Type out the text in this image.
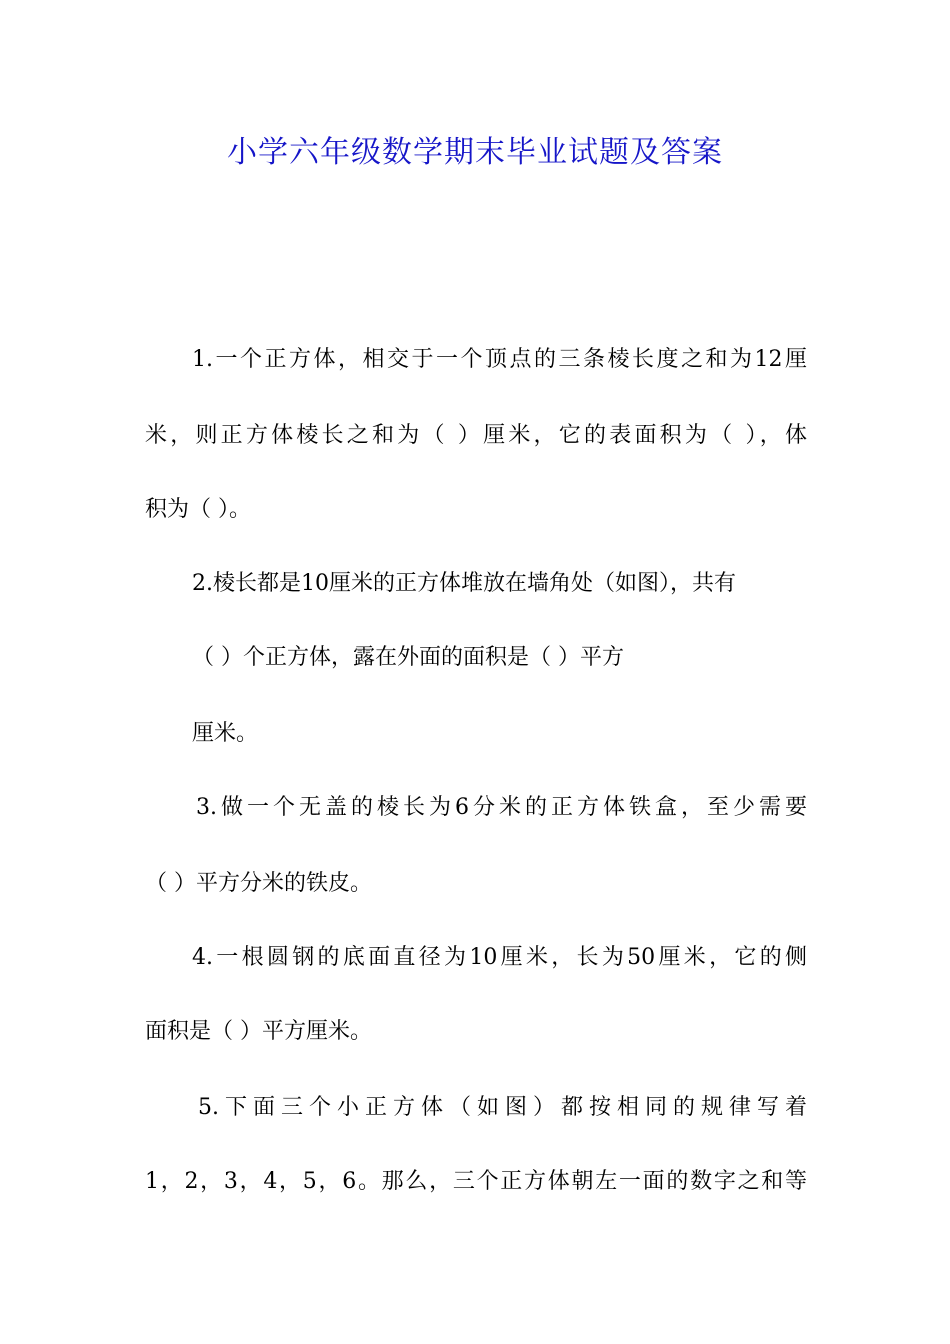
小学六年级数学期末毕业试题及答案
1.一个正方体，相交于一个顶点的三条棱长度之和为12厘
米，则正方体棱长之和为（ ）厘米，它的表面积为（ ），体
积为（ ）。
2.棱长都是10厘米的正方体堆放在墙角处（如图），共有
（ ）个正方体，露在外面的面积是（ ）平方
厘米。
3.做一个无盖的棱长为6分米的正方体铁盒，至少需要
（ ）平方分米的铁皮。
4.一根圆钢的底面直径为10厘米，长为50厘米，它的侧
面积是（ ）平方厘米。
5.下面三个小正方体（如图）都按相同的规律写着
1，2，3，4，5，6。那么，三个正方体朝左一面的数字之和等
